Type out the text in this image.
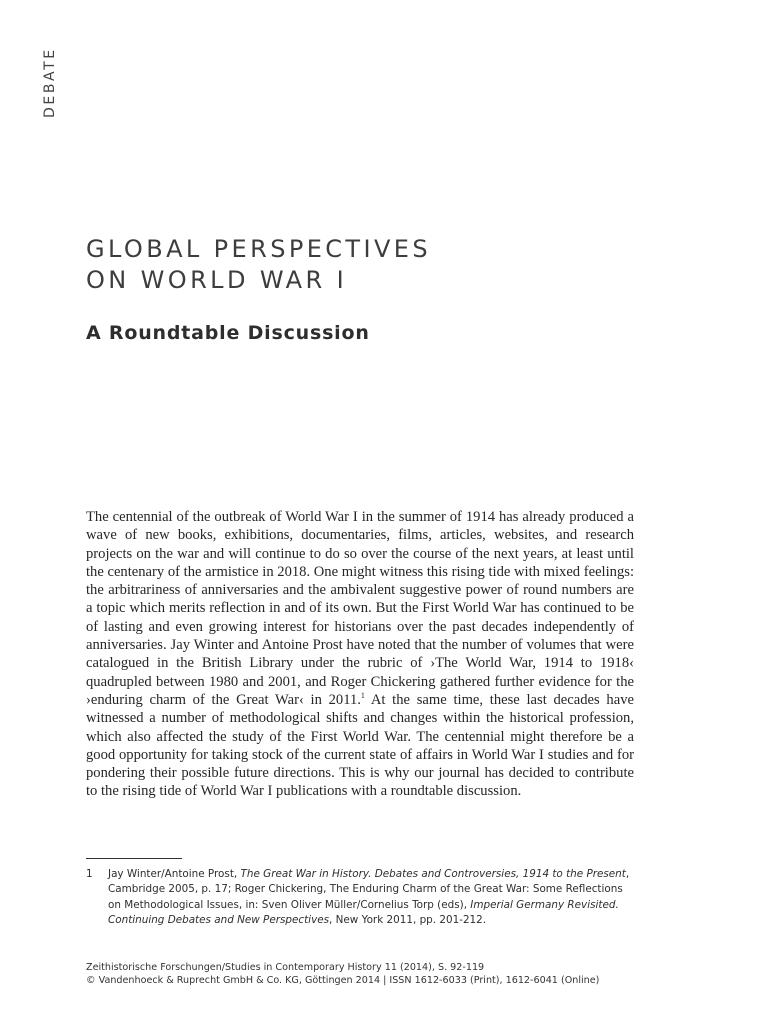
DEBATE
GLOBAL PERSPECTIVES
ON WORLD WAR I
A Roundtable Discussion

The centennial of the outbreak of World War I in the summer of 1914 has already produced a wave of new books, exhibitions, documentaries, films, articles, websites, and research projects on the war and will continue to do so over the course of the next years, at least until the centenary of the armistice in 2018. One might witness this rising tide with mixed feelings: the arbitrariness of anniversaries and the ambivalent suggestive power of round numbers are a topic which merits reflection in and of its own. But the First World War has continued to be of lasting and even growing interest for historians over the past decades independently of anniversaries. Jay Winter and Antoine Prost have noted that the number of volumes that were catalogued in the British Library under the rubric of ›The World War, 1914 to 1918‹ quadrupled between 1980 and 2001, and Roger Chickering gathered further evidence for the ›enduring charm of the Great War‹ in 2011.$^1$ At the same time, these last decades have witnessed a number of methodological shifts and changes within the historical profession, which also affected the study of the First World War. The centennial might therefore be a good opportunity for taking stock of the current state of affairs in World War I studies and for pondering their possible future directions. This is why our journal has decided to contribute to the rising tide of World War I publications with a roundtable discussion.

1 Jay Winter/Antoine Prost, The Great War in History. Debates and Controversies, 1914 to the Present, Cambridge 2005, p. 17; Roger Chickering, The Enduring Charm of the Great War: Some Reflections on Methodological Issues, in: Sven Oliver Müller/Cornelius Torp (eds), Imperial Germany Revisited. Continuing Debates and New Perspectives, New York 2011, pp. 201-212.
Zeithistorische Forschungen/Studies in Contemporary History 11 (2014), S. 92-119
© Vandenhoeck & Ruprecht GmbH & Co. KG, Göttingen 2014 | ISSN 1612-6033 (Print), 1612-6041 (Online)
